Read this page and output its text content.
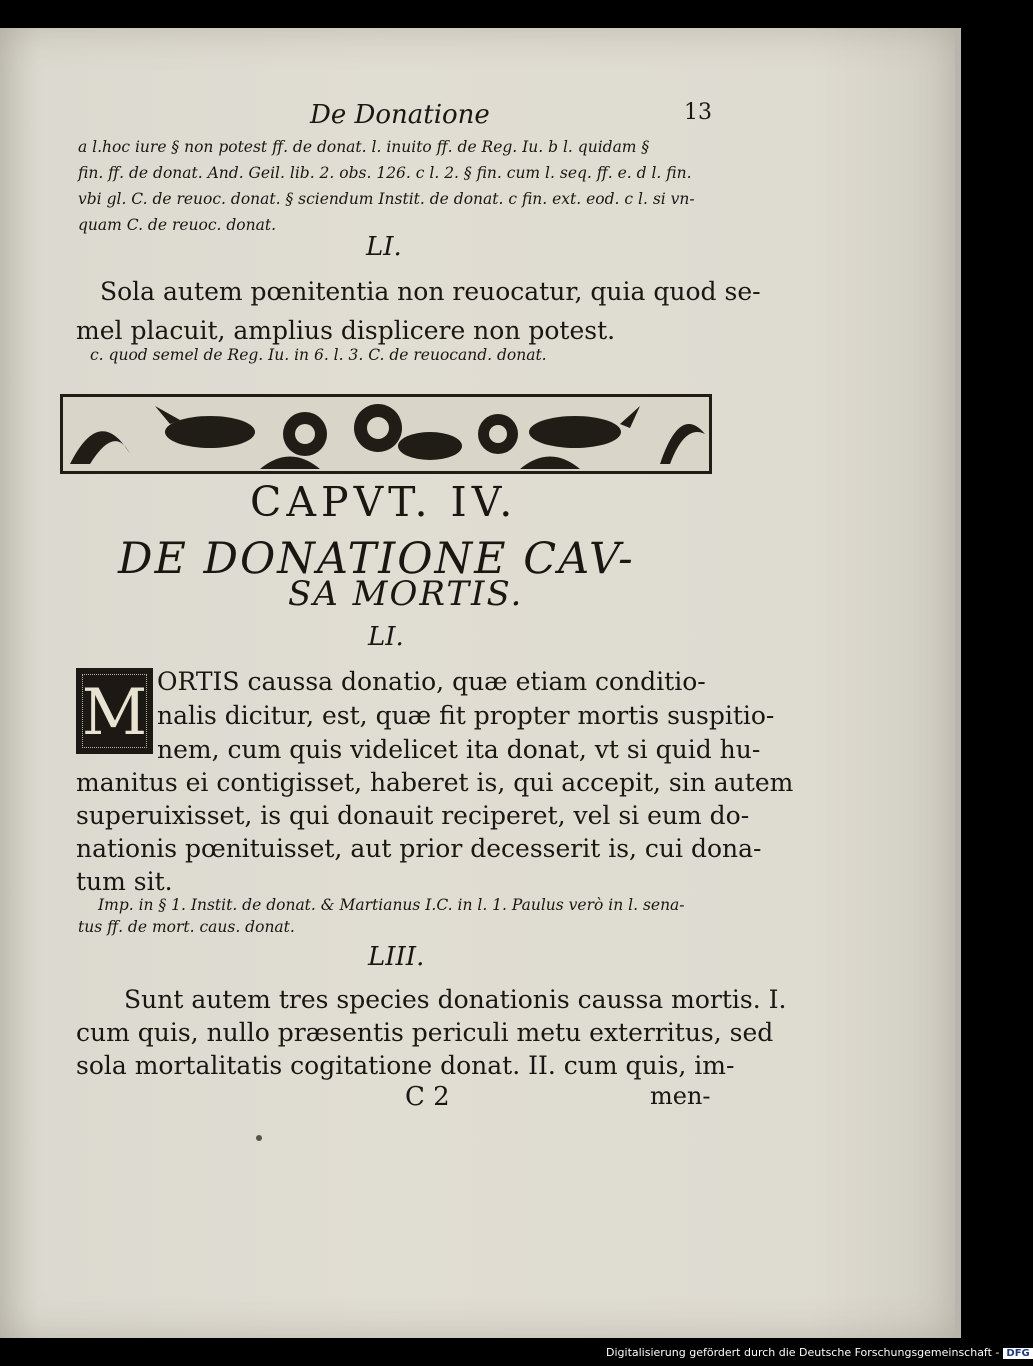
De Donatione	13
a l.hoc iure § non potest ff. de donat. l. inuito ff. de Reg. Iu. b l. quidam §
fin. ff. de donat. And. Geil. lib. 2. obs. 126. c l. 2. § fin. cum l. seq. ff. e. d l. fin.
vbi gl. C. de reuoc. donat. § sciendum Instit. de donat. c fin. ext. eod. c l. si vn-
quam C. de reuoc. donat.
LI.
Sola autem pœnitentia non reuocatur, quia quod se-
mel placuit, amplius displicere non potest.
c. quod semel de Reg. Iu. in 6. l. 3. C. de reuocand. donat.
CAPVT. IV.
DE DONATIONE CAV-
SA MORTIS.
LI.
M ORTIS caussa donatio, quæ etiam conditio-
nalis dicitur, est, quæ fit propter mortis suspitio-
nem, cum quis videlicet ita donat, vt si quid hu-
manitus ei contigisset, haberet is, qui accepit, sin autem
superuixisset, is qui donauit reciperet, vel si eum do-
nationis pœnituisset, aut prior decesserit is, cui dona-
tum sit.
Imp. in § 1. Instit. de donat. & Martianus I.C. in l. 1. Paulus verò in l. sena-
tus ff. de mort. caus. donat.
LIII.
Sunt autem tres species donationis caussa mortis. I.
cum quis, nullo præsentis periculi metu exterritus, sed
sola mortalitatis cogitatione donat. II. cum quis, im-
C 2	men-
Digitalisierung gefördert durch die Deutsche Forschungsgemeinschaft - DFG
